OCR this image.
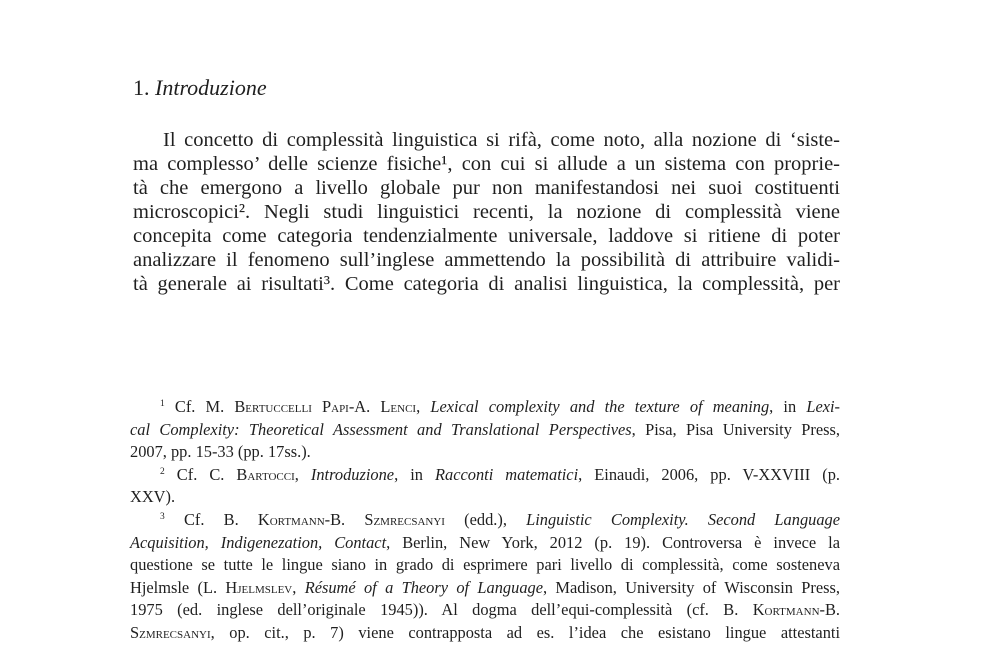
1. Introduzione
Il concetto di complessità linguistica si rifà, come noto, alla nozione di ‘siste-
ma complesso’ delle scienze fisiche¹, con cui si allude a un sistema con proprie-
tà che emergono a livello globale pur non manifestandosi nei suoi costituenti
microscopici². Negli studi linguistici recenti, la nozione di complessità viene
concepita come categoria tendenzialmente universale, laddove si ritiene di poter
analizzare il fenomeno sull’inglese ammettendo la possibilità di attribuire validi-
tà generale ai risultati³. Come categoria di analisi linguistica, la complessità, per
$^1$ Cf. M. Bertuccelli Papi-A. Lenci, Lexical complexity and the texture of meaning, in Lexi-
cal Complexity: Theoretical Assessment and Translational Perspectives, Pisa, Pisa University Press,
2007, pp. 15-33 (pp. 17ss.).
$^2$ Cf. C. Bartocci, Introduzione, in Racconti matematici, Einaudi, 2006, pp. V-XXVIII (p.
XXV).
$^3$ Cf. B. Kortmann-B. Szmrecsanyi (edd.), Linguistic Complexity. Second Language
Acquisition, Indigenezation, Contact, Berlin, New York, 2012 (p. 19). Controversa è invece la
questione se tutte le lingue siano in grado di esprimere pari livello di complessità, come sosteneva
Hjelmsle (L. Hjelmslev, Résumé of a Theory of Language, Madison, University of Wisconsin Press,
1975 (ed. inglese dell’originale 1945)). Al dogma dell’equi-complessità (cf. B. Kortmann-B.
Szmrecsanyi, op. cit., p. 7) viene contrapposta ad es. l’idea che esistano lingue attestanti
